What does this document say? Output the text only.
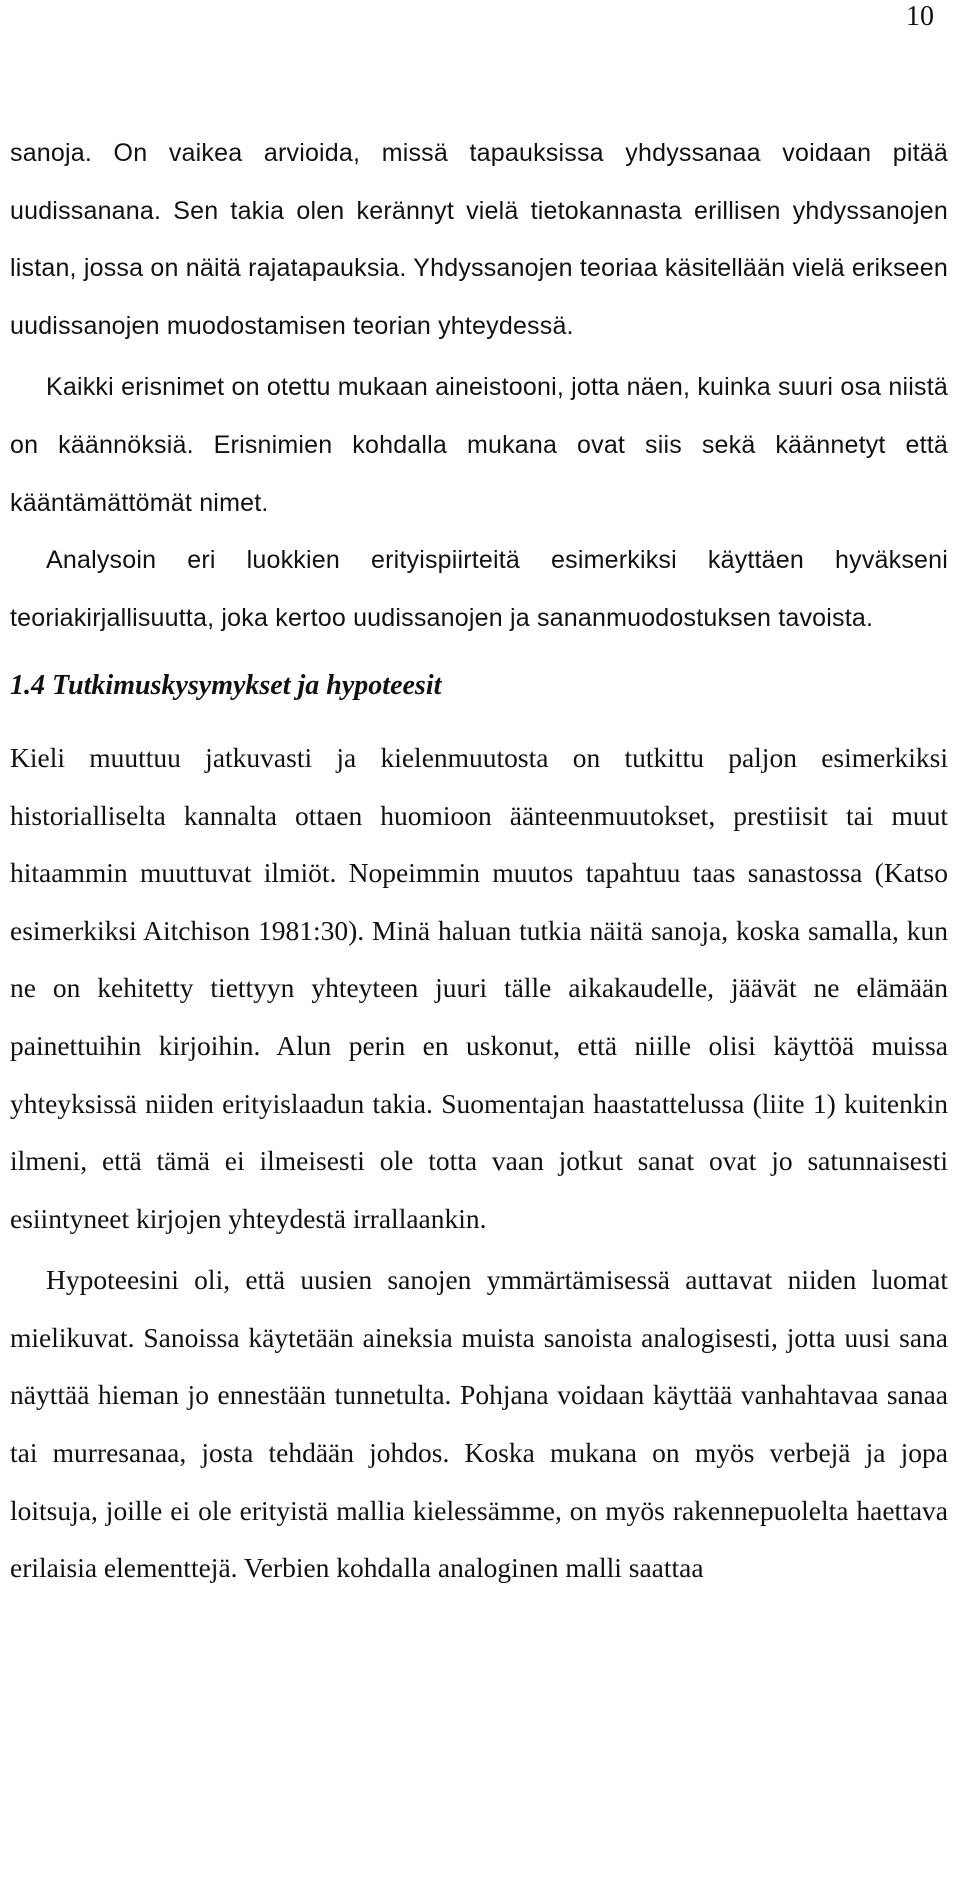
10

sanoja. On vaikea arvioida, missä tapauksissa yhdyssanaa voidaan pitää uudissanana. Sen takia olen kerännyt vielä tietokannasta erillisen yhdyssanojen listan, jossa on näitä rajatapauksia. Yhdyssanojen teoriaa käsitellään vielä erikseen uudissanojen muodostamisen teorian yhteydessä.

Kaikki erisnimet on otettu mukaan aineistooni, jotta näen, kuinka suuri osa niistä on käännöksiä. Erisnimien kohdalla mukana ovat siis sekä käännetyt että kääntämättömät nimet.

Analysoin eri luokkien erityispiirteitä esimerkiksi käyttäen hyväkseni teoriakirjallisuutta, joka kertoo uudissanojen ja sananmuodostuksen tavoista.

1.4 Tutkimuskysymykset ja hypoteesit

Kieli muuttuu jatkuvasti ja kielenmuutosta on tutkittu paljon esimerkiksi historialliselta kannalta ottaen huomioon äänteenmuutokset, prestiisit tai muut hitaammin muuttuvat ilmiöt. Nopeimmin muutos tapahtuu taas sanastossa (Katso esimerkiksi Aitchison 1981:30). Minä haluan tutkia näitä sanoja, koska samalla, kun ne on kehitetty tiettyyn yhteyteen juuri tälle aikakaudelle, jäävät ne elämään painettuihin kirjoihin. Alun perin en uskonut, että niille olisi käyttöä muissa yhteyksissä niiden erityislaadun takia. Suomentajan haastattelussa (liite 1) kuitenkin ilmeni, että tämä ei ilmeisesti ole totta vaan jotkut sanat ovat jo satunnaisesti esiintyneet kirjojen yhteydestä irrallaankin.

Hypoteesini oli, että uusien sanojen ymmärtämisessä auttavat niiden luomat mielikuvat. Sanoissa käytetään aineksia muista sanoista analogisesti, jotta uusi sana näyttää hieman jo ennestään tunnetulta. Pohjana voidaan käyttää vanhahtavaa sanaa tai murresanaa, josta tehdään johdos. Koska mukana on myös verbejä ja jopa loitsuja, joille ei ole erityistä mallia kielessämme, on myös rakennepuolelta haettava erilaisia elementtejä. Verbien kohdalla analoginen malli saattaa
